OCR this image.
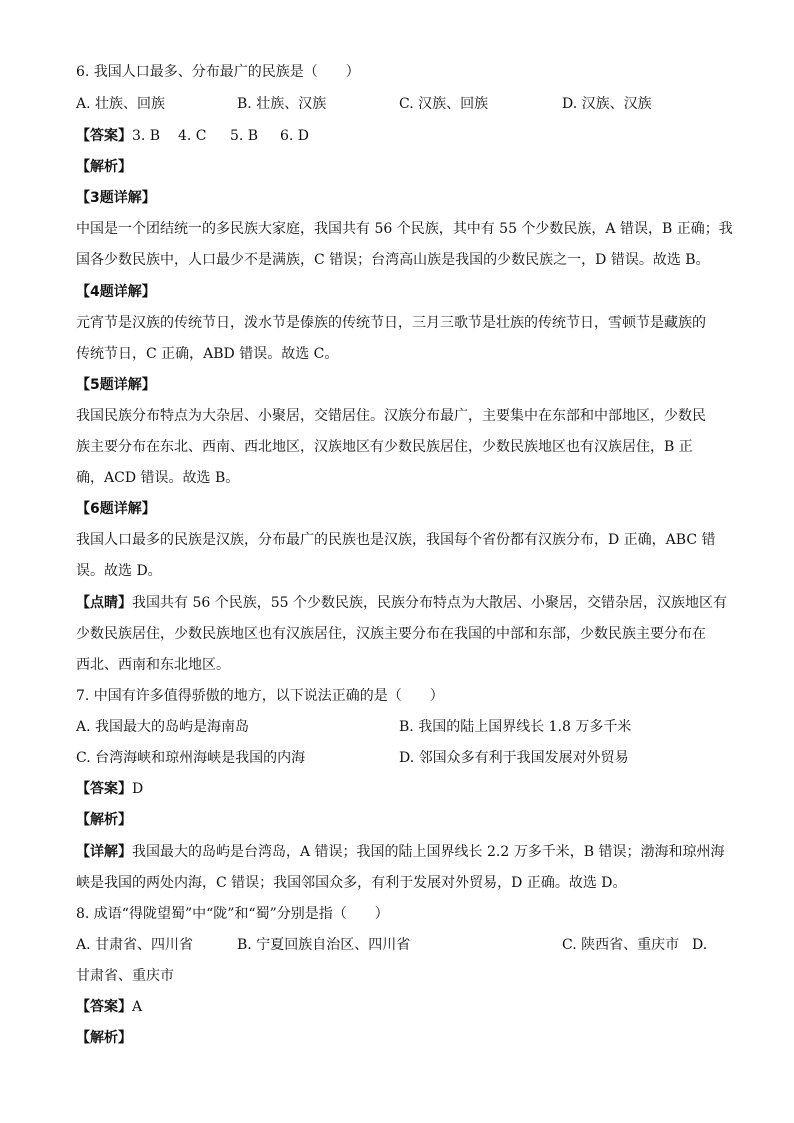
6. 我国人口最多、分布最广的民族是（　　）
A. 壮族、回族	B. 壮族、汉族	C. 汉族、回族	D. 汉族、汉族
【答案】3. B 4. C 5. B 6. D
【解析】
【3题详解】
中国是一个团结统一的多民族大家庭，我国共有 56 个民族，其中有 55 个少数民族，A 错误，B 正确；我
国各少数民族中，人口最少不是满族，C 错误；台湾高山族是我国的少数民族之一，D 错误。故选 B。
【4题详解】
元宵节是汉族的传统节日，泼水节是傣族的传统节日，三月三歌节是壮族的传统节日，雪顿节是藏族的
传统节日，C 正确，ABD 错误。故选 C。
【5题详解】
我国民族分布特点为大杂居、小聚居，交错居住。汉族分布最广，主要集中在东部和中部地区，少数民
族主要分布在东北、西南、西北地区，汉族地区有少数民族居住，少数民族地区也有汉族居住，B 正
确，ACD 错误。故选 B。
【6题详解】
我国人口最多的民族是汉族，分布最广的民族也是汉族，我国每个省份都有汉族分布，D 正确，ABC 错
误。故选 D。
【点睛】我国共有 56 个民族，55 个少数民族，民族分布特点为大散居、小聚居，交错杂居，汉族地区有
少数民族居住，少数民族地区也有汉族居住，汉族主要分布在我国的中部和东部，少数民族主要分布在
西北、西南和东北地区。
7. 中国有许多值得骄傲的地方，以下说法正确的是（　　）
A. 我国最大的岛屿是海南岛	B. 我国的陆上国界线长 1.8 万多千米
C. 台湾海峡和琼州海峡是我国的内海	D. 邻国众多有利于我国发展对外贸易
【答案】D
【解析】
【详解】我国最大的岛屿是台湾岛，A 错误；我国的陆上国界线长 2.2 万多千米，B 错误；渤海和琼州海
峡是我国的两处内海，C 错误；我国邻国众多，有利于发展对外贸易，D 正确。故选 D。
8. 成语“得陇望蜀”中“陇”和“蜀”分别是指（　　）
A. 甘肃省、四川省	B. 宁夏回族自治区、四川省	C. 陕西省、重庆市 D.
甘肃省、重庆市
【答案】A
【解析】
